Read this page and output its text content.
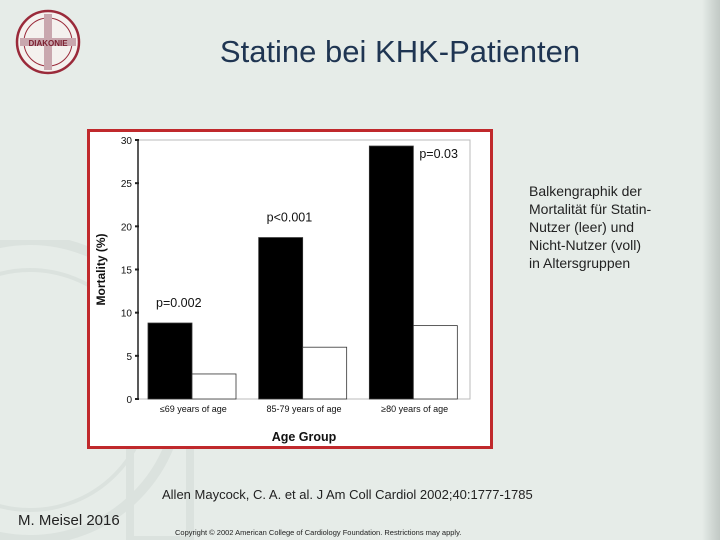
DIAKONIE	Statine bei KHK-Patienten
0
5
10
15
20
25
30
p=0.002
≤69 years of age
p<0.001
85-79 years of age
p=0.03
≥80 years of age
Age Group
Mortality (%)
Balkengraphik der
Mortalität für Statin-
Nutzer (leer) und
Nicht-Nutzer (voll)
in Altersgruppen
Allen Maycock, C. A. et al. J Am Coll Cardiol 2002;40:1777-1785
M. Meisel 2016
Copyright © 2002 American College of Cardiology Foundation. Restrictions may apply.
